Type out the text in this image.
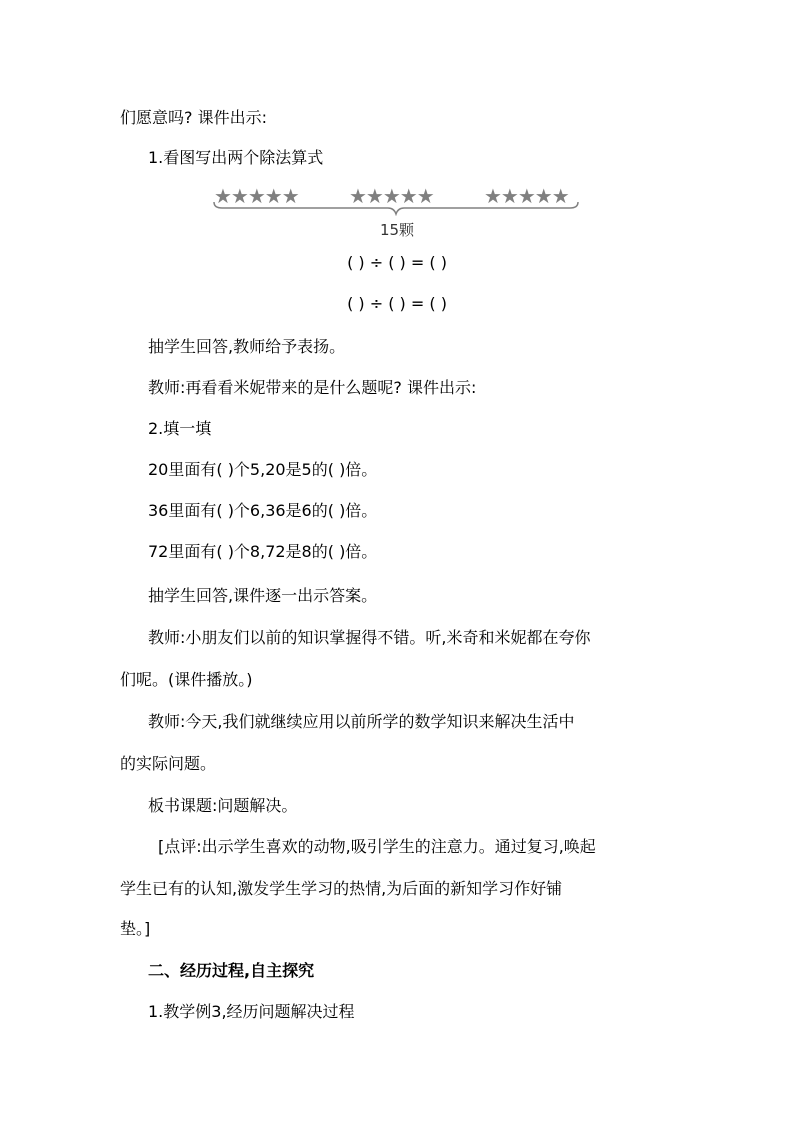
们愿意吗? 课件出示:
1.看图写出两个除法算式
★★★★★	★★★★★	★★★★★
15颗
( ) ÷ ( ) = ( )
( ) ÷ ( ) = ( )
抽学生回答,教师给予表扬。
教师:再看看米妮带来的是什么题呢? 课件出示:
2.填一填
20里面有( )个5,20是5的( )倍。
36里面有( )个6,36是6的( )倍。
72里面有( )个8,72是8的( )倍。
抽学生回答,课件逐一出示答案。
教师:小朋友们以前的知识掌握得不错。听,米奇和米妮都在夸你
们呢。(课件播放。)
教师:今天,我们就继续应用以前所学的数学知识来解决生活中
的实际问题。
板书课题:问题解决。
[点评:出示学生喜欢的动物,吸引学生的注意力。通过复习,唤起
学生已有的认知,激发学生学习的热情,为后面的新知学习作好铺
垫。]
二、经历过程,自主探究
1.教学例3,经历问题解决过程
